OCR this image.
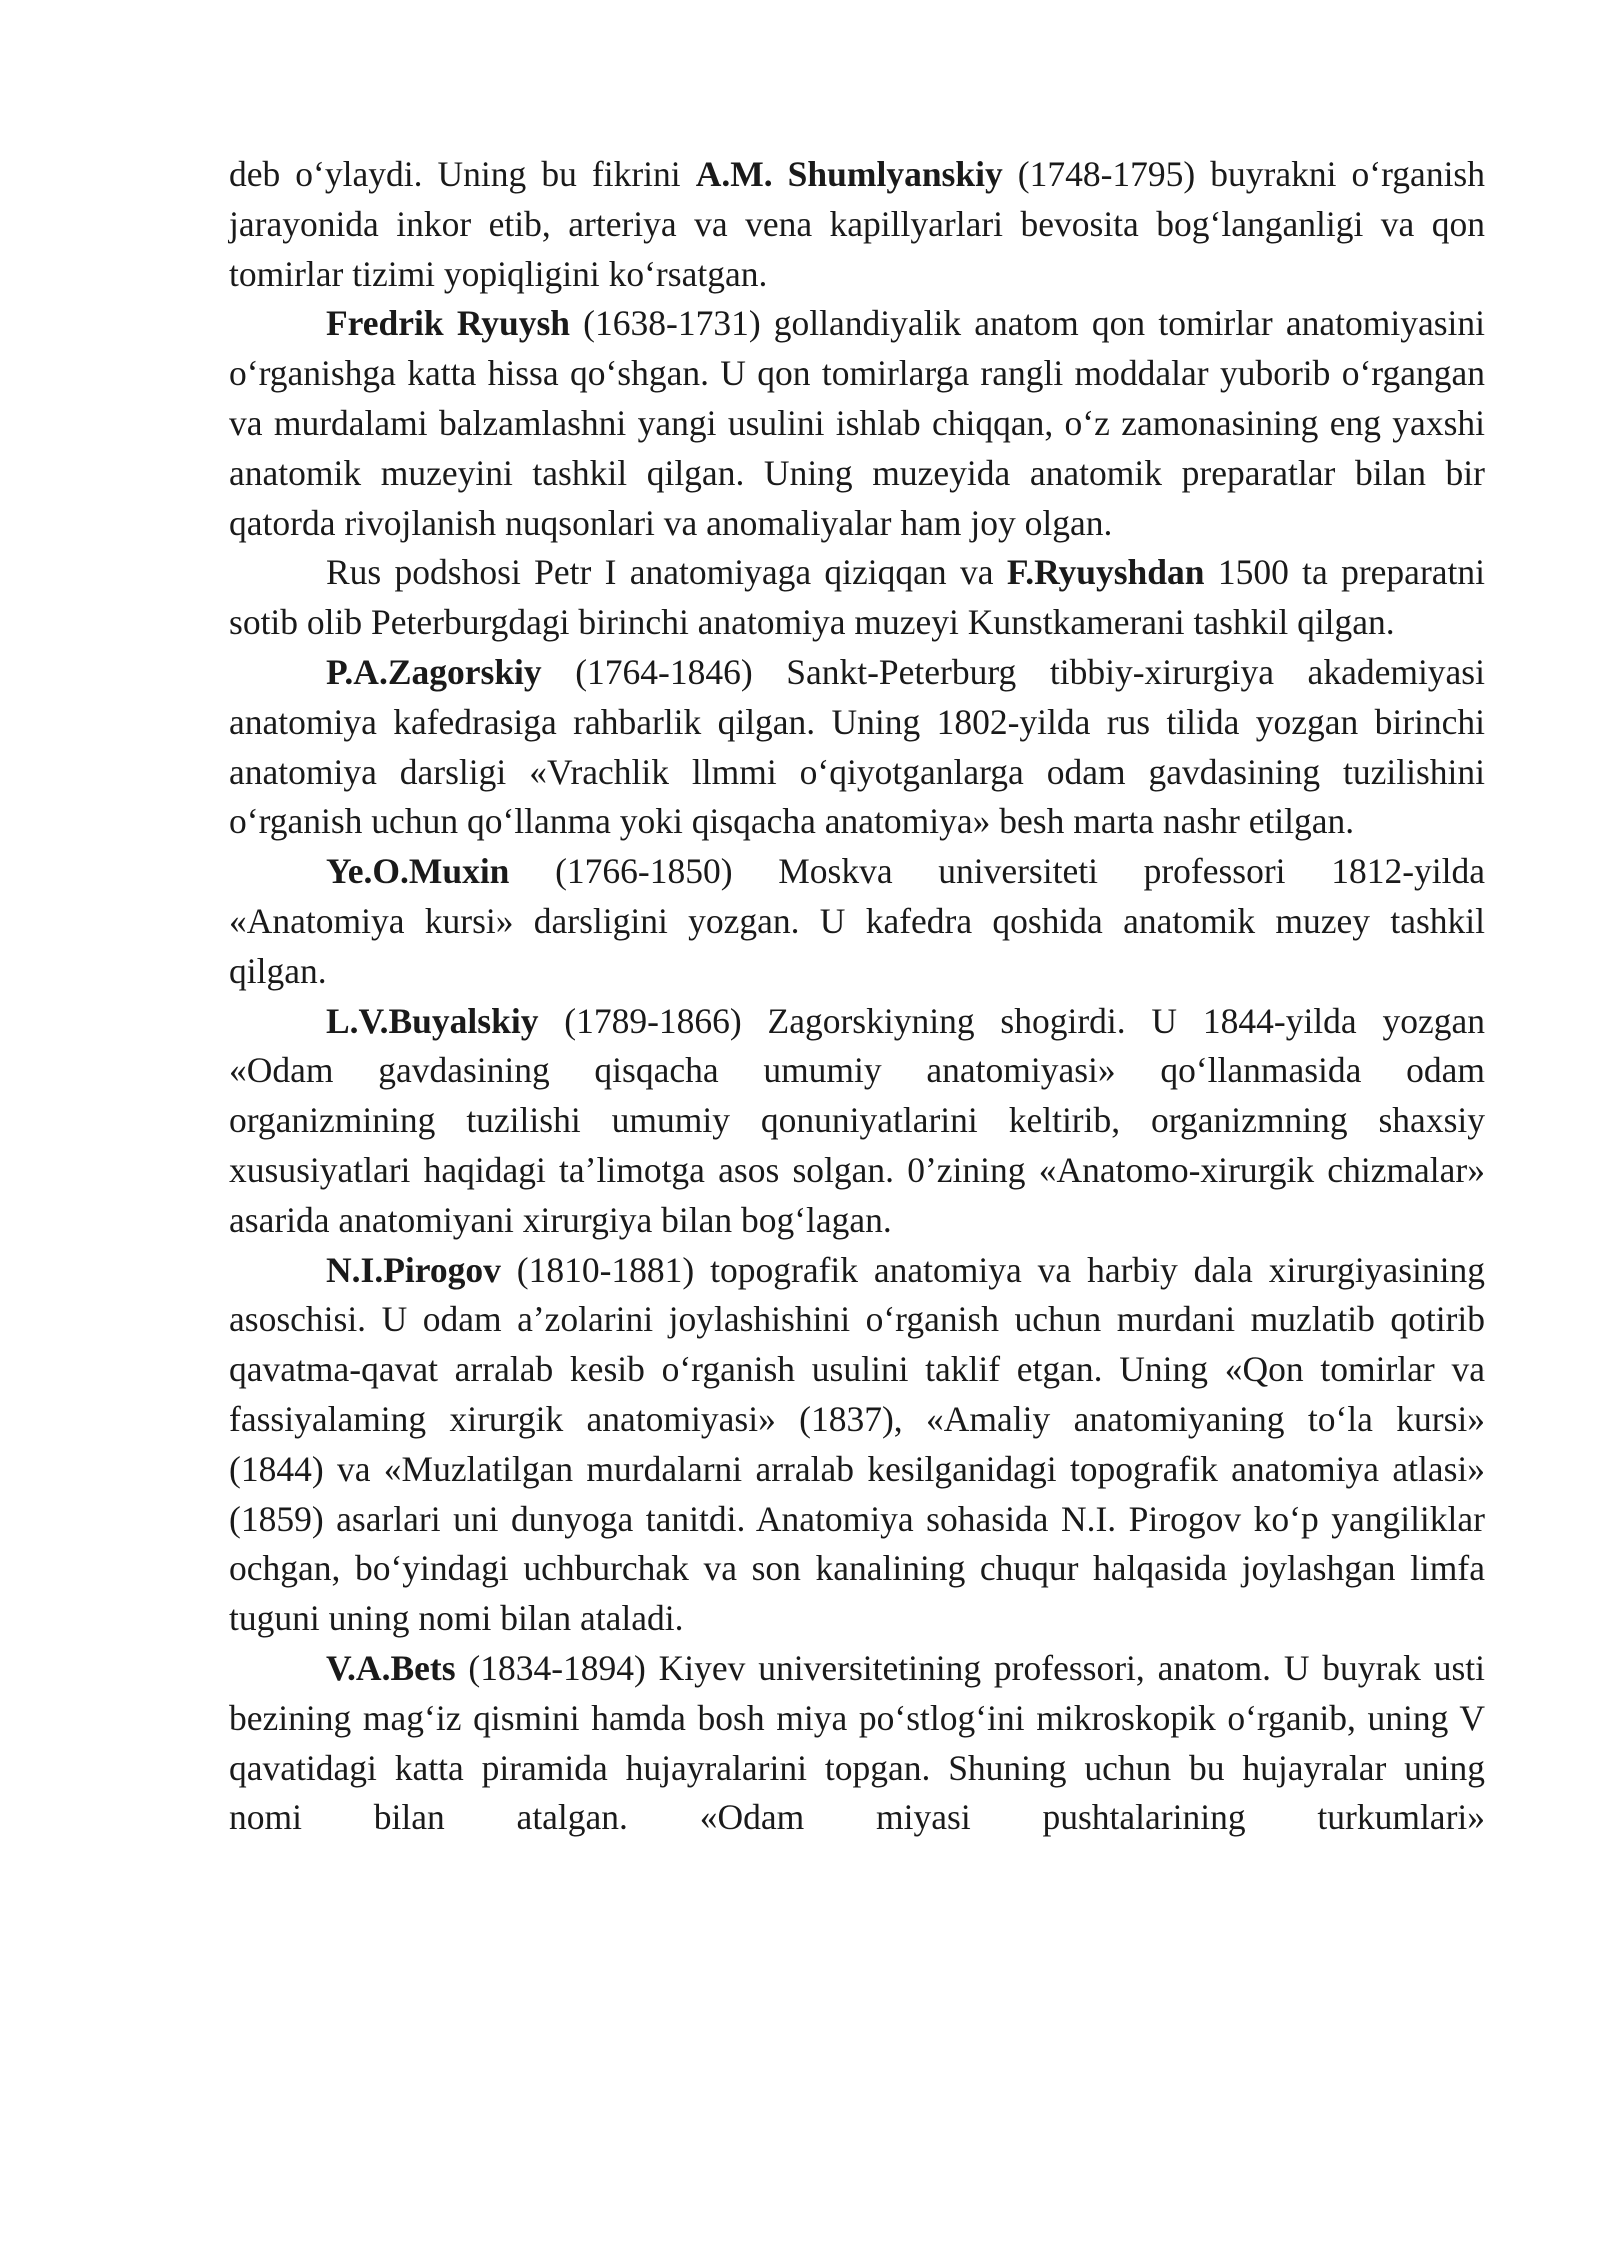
deb oʻylaydi. Uning bu fikrini A.M. Shumlyanskiy (1748-1795) buyrakni oʻrganish jarayonida inkor etib, arteriya va vena kapillyarlari bevosita bogʻlanganligi va qon tomirlar tizimi yopiqligini koʻrsatgan.

Fredrik Ryuysh (1638-1731) gollandiyalik anatom qon tomirlar anatomiyasini oʻrganishga katta hissa qoʻshgan. U qon tomirlarga rangli moddalar yuborib oʻrgangan va murdalami balzamlashni yangi usulini ishlab chiqqan, oʻz zamonasining eng yaxshi anatomik muzeyini tashkil qilgan. Uning muzeyida anatomik preparatlar bilan bir qatorda rivojlanish nuqsonlari va anomaliyalar ham joy olgan.

Rus podshosi Petr I anatomiyaga qiziqqan va F.Ryuyshdan 1500 ta preparatni sotib olib Peterburgdagi birinchi anatomiya muzeyi Kunstkamerani tashkil qilgan.

P.A.Zagorskiy (1764-1846) Sankt-Peterburg tibbiy-xirurgiya akademiyasi anatomiya kafedrasiga rahbarlik qilgan. Uning 1802-yilda rus tilida yozgan birinchi anatomiya darsligi «Vrachlik llmmi oʻqiyotganlarga odam gavdasining tuzilishini oʻrganish uchun qoʻllanma yoki qisqacha anatomiya» besh marta nashr etilgan.

Ye.O.Muxin (1766-1850) Moskva universiteti professori 1812-yilda «Anatomiya kursi» darsligini yozgan. U kafedra qoshida anatomik muzey tashkil qilgan.

L.V.Buyalskiy (1789-1866) Zagorskiyning shogirdi. U 1844-yilda yozgan «Odam gavdasining qisqacha umumiy anatomiyasi» qoʻllanmasida odam organizmining tuzilishi umumiy qonuniyatlarini keltirib, organizmning shaxsiy xususiyatlari haqidagi taʼlimotga asos solgan. 0ʼzining «Anatomo-xirurgik chizmalar» asarida anatomiyani xirurgiya bilan bogʻlagan.

N.I.Pirogov (1810-1881) topografik anatomiya va harbiy dala xirurgiyasining asoschisi. U odam aʼzolarini joylashishini oʻrganish uchun murdani muzlatib qotirib qavatma-qavat arralab kesib oʻrganish usulini taklif etgan. Uning «Qon tomirlar va fassiyalaming xirurgik anatomiyasi» (1837), «Amaliy anatomiyaning toʻla kursi» (1844) va «Muzlatilgan murdalarni arralab kesilganidagi topografik anatomiya atlasi» (1859) asarlari uni dunyoga tanitdi. Anatomiya sohasida N.I. Pirogov koʻp yangiliklar ochgan, boʻyindagi uchburchak va son kanalining chuqur halqasida joylashgan limfa tuguni uning nomi bilan ataladi.

V.A.Bets (1834-1894) Kiyev universitetining professori, anatom. U buyrak usti bezining magʻiz qismini hamda bosh miya poʻstlogʻini mikroskopik oʻrganib, uning V qavatidagi katta piramida hujayralarini topgan. Shuning uchun bu hujayralar uning nomi bilan atalgan. «Odam miyasi pushtalarining turkumlari»
